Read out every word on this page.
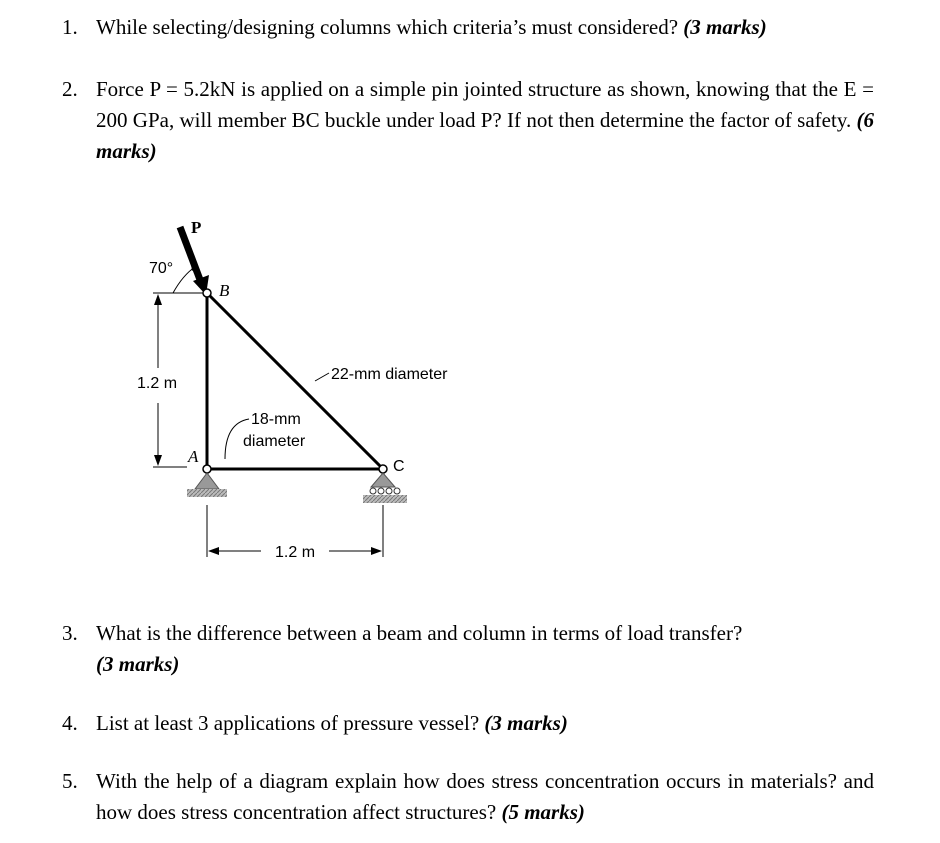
1. While selecting/designing columns which criteria’s must considered? (3 marks)
2. Force P = 5.2kN is applied on a simple pin jointed structure as shown, knowing that the E = 200 GPa, will member BC buckle under load P? If not then determine the factor of safety. (6 marks)
P
70°
1.2 m
B
A
C
1.2 m
22-mm diameter
18-mm
diameter
3. What is the difference between a beam and column in terms of load transfer?
(3 marks)
4. List at least 3 applications of pressure vessel? (3 marks)
5. With the help of a diagram explain how does stress concentration occurs in materials? and how does stress concentration affect structures? (5 marks)
